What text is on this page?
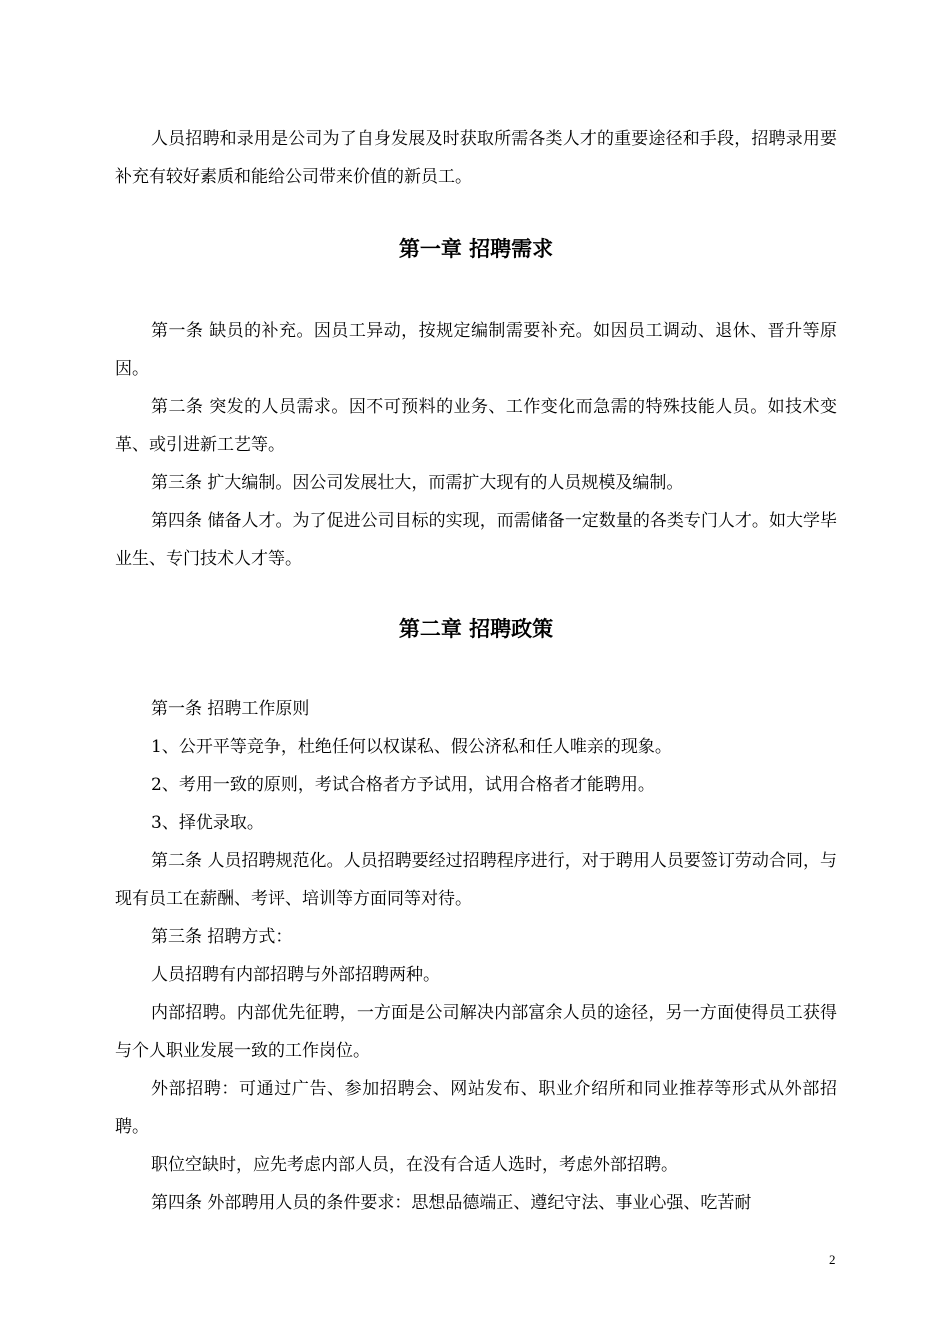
人员招聘和录用是公司为了自身发展及时获取所需各类人才的重要途径和手段，招聘录用要补充有较好素质和能给公司带来价值的新员工。

第一章 招聘需求

第一条 缺员的补充。因员工异动，按规定编制需要补充。如因员工调动、退休、晋升等原因。

第二条 突发的人员需求。因不可预料的业务、工作变化而急需的特殊技能人员。如技术变革、或引进新工艺等。

第三条 扩大编制。因公司发展壮大，而需扩大现有的人员规模及编制。

第四条 储备人才。为了促进公司目标的实现，而需储备一定数量的各类专门人才。如大学毕业生、专门技术人才等。

第二章 招聘政策

第一条 招聘工作原则

1、公开平等竞争，杜绝任何以权谋私、假公济私和任人唯亲的现象。

2、考用一致的原则，考试合格者方予试用，试用合格者才能聘用。

3、择优录取。

第二条 人员招聘规范化。人员招聘要经过招聘程序进行，对于聘用人员要签订劳动合同，与现有员工在薪酬、考评、培训等方面同等对待。

第三条 招聘方式：

人员招聘有内部招聘与外部招聘两种。

内部招聘。内部优先征聘，一方面是公司解决内部富余人员的途径，另一方面使得员工获得与个人职业发展一致的工作岗位。

外部招聘：可通过广告、参加招聘会、网站发布、职业介绍所和同业推荐等形式从外部招聘。

职位空缺时，应先考虑内部人员，在没有合适人选时，考虑外部招聘。

第四条 外部聘用人员的条件要求：思想品德端正、遵纪守法、事业心强、吃苦耐

2
